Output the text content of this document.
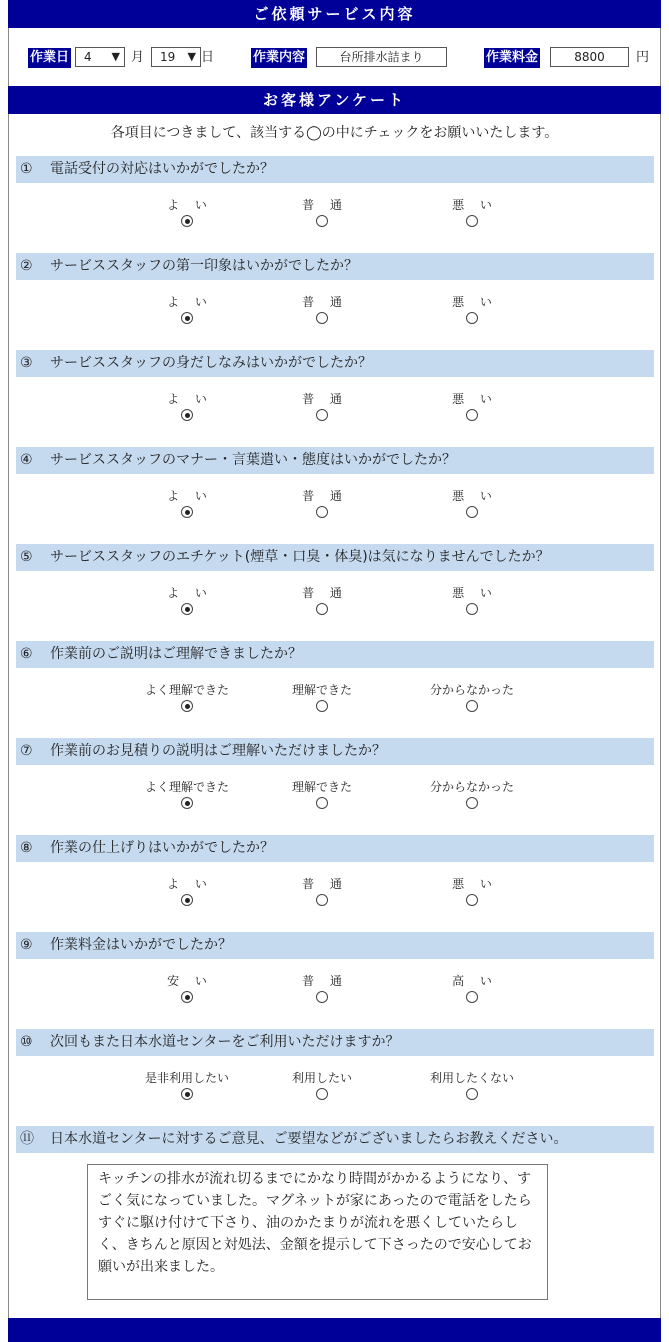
ご依頼サービス内容
作業日	4 ▼ 月	19 ▼ 日	作業内容	台所排水詰まり	作業料金	8800	円
お客様アンケート
各項目につきまして、該当する◯の中にチェックをお願いいたします。
① 電話受付の対応はいかがでしたか？
よ い	普 通	悪 い
② サービススタッフの第一印象はいかがでしたか？
よ い	普 通	悪 い
③ サービススタッフの身だしなみはいかがでしたか？
よ い	普 通	悪 い
④ サービススタッフのマナー・言葉遣い・態度はいかがでしたか？
よ い	普 通	悪 い
⑤ サービススタッフのエチケット(煙草・口臭・体臭)は気になりませんでしたか？
よ い	普 通	悪 い
⑥ 作業前のご説明はご理解できましたか？
よく理解できた	理解できた	分からなかった
⑦ 作業前のお見積りの説明はご理解いただけましたか？
よく理解できた	理解できた	分からなかった
⑧ 作業の仕上げりはいかがでしたか？
よ い	普 通	悪 い
⑨ 作業料金はいかがでしたか？
安 い	普 通	高 い
⑩ 次回もまた日本水道センターをご利用いただけますか？
是非利用したい	利用したい	利用したくない
⑪ 日本水道センターに対するご意見、ご要望などがございましたらお教えください。
キッチンの排水が流れ切るまでにかなり時間がかかるようになり、すごく気になっていました。マグネットが家にあったので電話をしたらすぐに駆け付けて下さり、油のかたまりが流れを悪くしていたらしく、きちんと原因と対処法、金額を提示して下さったので安心してお願いが出来ました。
